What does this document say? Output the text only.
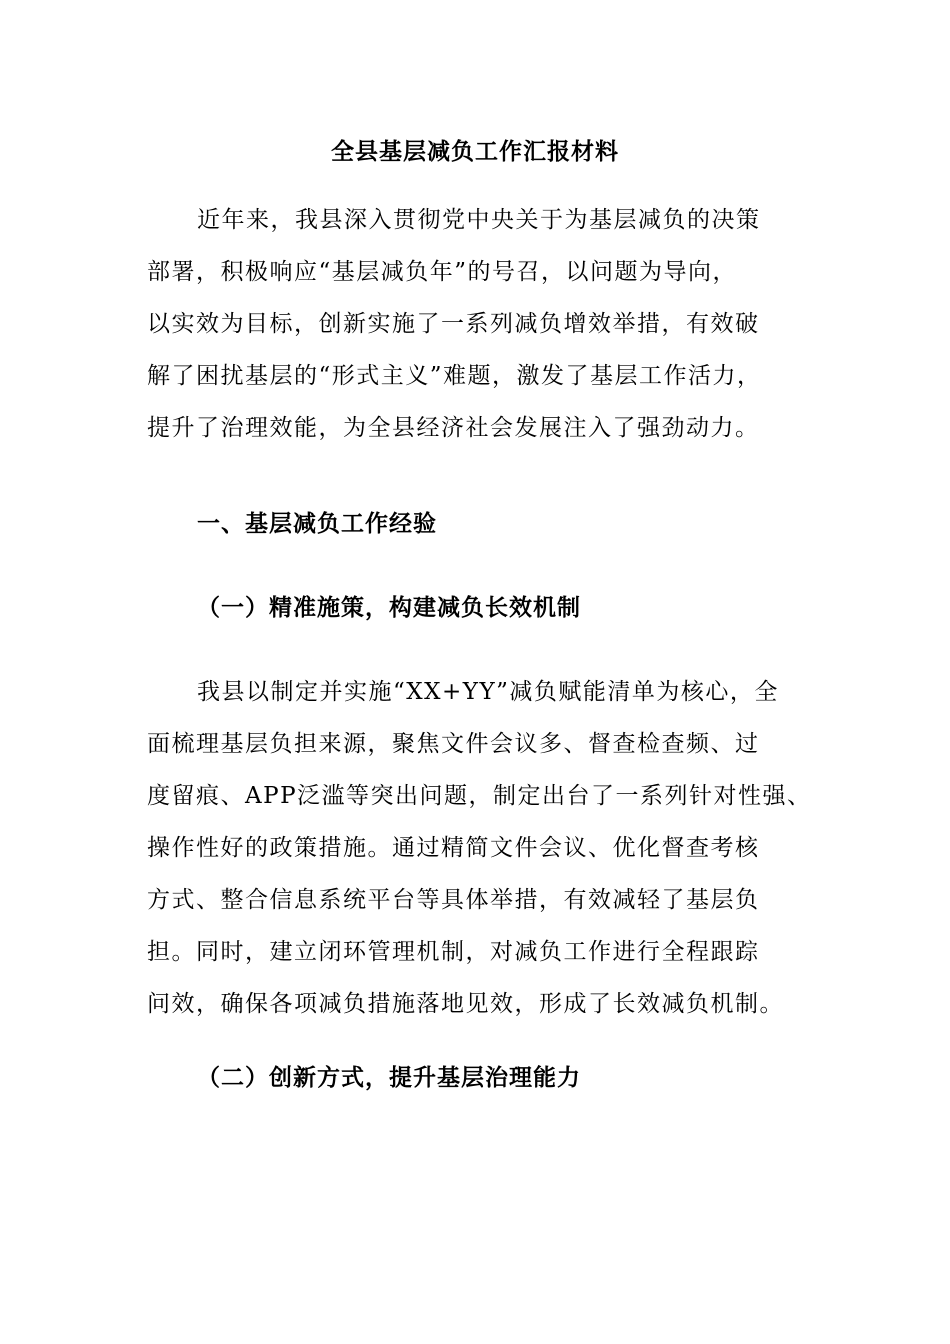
全县基层减负工作汇报材料
近年来，我县深入贯彻党中央关于为基层减负的决策
部署，积极响应“基层减负年”的号召，以问题为导向，
以实效为目标，创新实施了一系列减负增效举措，有效破
解了困扰基层的“形式主义”难题，激发了基层工作活力，
提升了治理效能，为全县经济社会发展注入了强劲动力。
一、基层减负工作经验
（一）精准施策，构建减负长效机制
我县以制定并实施“XX+YY”减负赋能清单为核心，全
面梳理基层负担来源，聚焦文件会议多、督查检查频、过
度留痕、APP泛滥等突出问题，制定出台了一系列针对性强、
操作性好的政策措施。通过精简文件会议、优化督查考核
方式、整合信息系统平台等具体举措，有效减轻了基层负
担。同时，建立闭环管理机制，对减负工作进行全程跟踪
问效，确保各项减负措施落地见效，形成了长效减负机制。
（二）创新方式，提升基层治理能力
